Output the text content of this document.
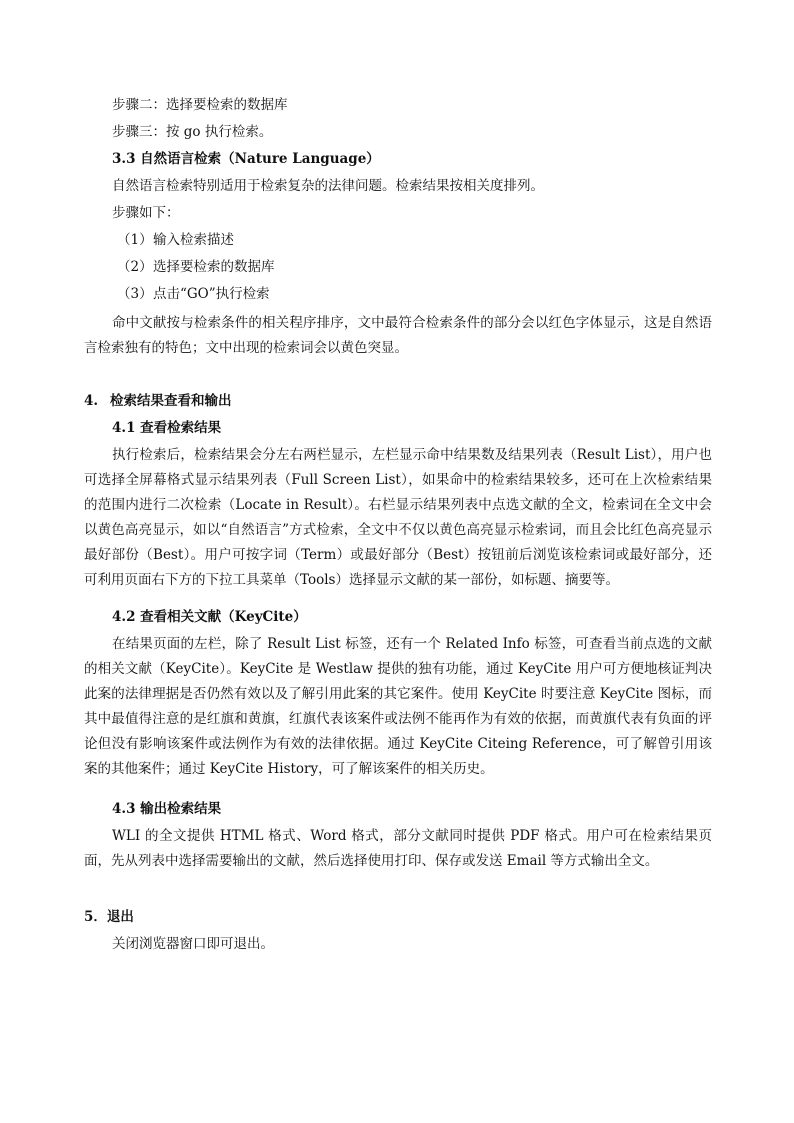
步骤二：选择要检索的数据库
步骤三：按 go 执行检索。
3.3 自然语言检索（Nature Language）
自然语言检索特别适用于检索复杂的法律问题。检索结果按相关度排列。
步骤如下：
（1）输入检索描述
（2）选择要检索的数据库
（3）点击“GO”执行检索
命中文献按与检索条件的相关程序排序，文中最符合检索条件的部分会以红色字体显示，这是自然语言检索独有的特色；文中出现的检索词会以黄色突显。
4. 检索结果查看和输出
4.1 查看检索结果
执行检索后，检索结果会分左右两栏显示，左栏显示命中结果数及结果列表（Result List），用户也可选择全屏幕格式显示结果列表（Full Screen List），如果命中的检索结果较多，还可在上次检索结果的范围内进行二次检索（Locate in Result）。右栏显示结果列表中点选文献的全文，检索词在全文中会以黄色高亮显示，如以“自然语言”方式检索，全文中不仅以黄色高亮显示检索词，而且会比红色高亮显示最好部份（Best）。用户可按字词（Term）或最好部分（Best）按钮前后浏览该检索词或最好部分，还可利用页面右下方的下拉工具菜单（Tools）选择显示文献的某一部份，如标题、摘要等。
4.2 查看相关文献（KeyCite）
在结果页面的左栏，除了 Result List 标签，还有一个 Related Info 标签，可查看当前点选的文献的相关文献（KeyCite）。KeyCite 是 Westlaw 提供的独有功能，通过 KeyCite 用户可方便地核证判决此案的法律理据是否仍然有效以及了解引用此案的其它案件。使用 KeyCite 时要注意 KeyCite 图标，而其中最值得注意的是红旗和黄旗，红旗代表该案件或法例不能再作为有效的依据，而黄旗代表有负面的评论但没有影响该案件或法例作为有效的法律依据。通过 KeyCite Citeing Reference，可了解曾引用该案的其他案件；通过 KeyCite History，可了解该案件的相关历史。
4.3 输出检索结果
WLI 的全文提供 HTML 格式、Word 格式，部分文献同时提供 PDF 格式。用户可在检索结果页面，先从列表中选择需要输出的文献，然后选择使用打印、保存或发送 Email 等方式输出全文。
5．退出
关闭浏览器窗口即可退出。
